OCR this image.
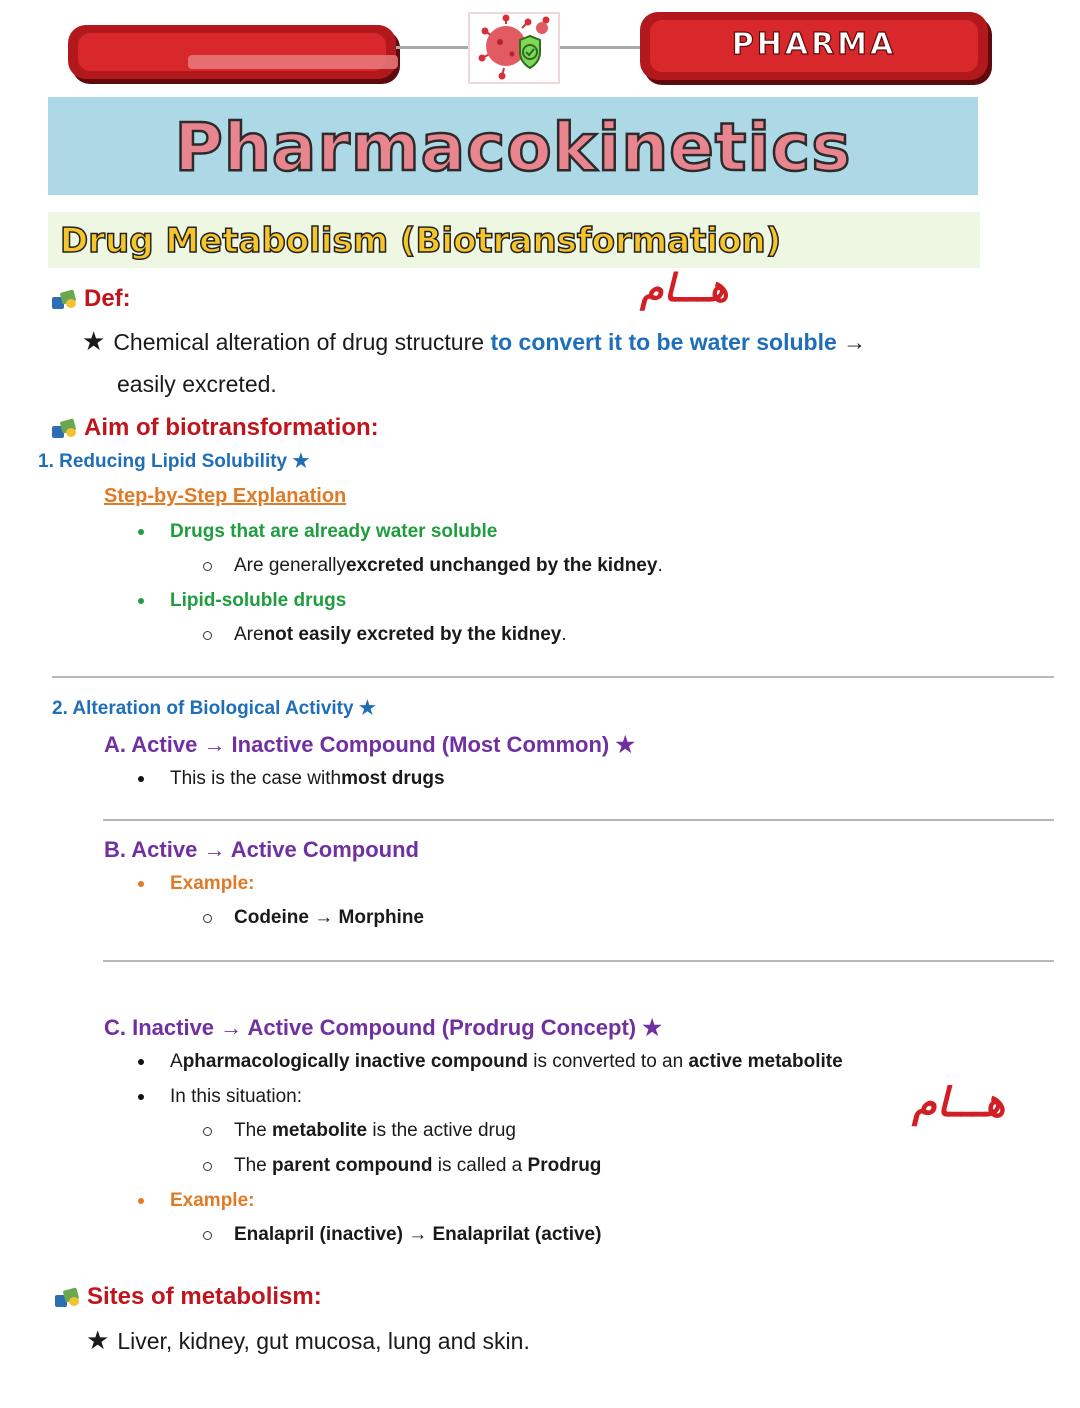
PHARMA
Pharmacokinetics
Drug Metabolism (Biotransformation)
Def:	هـــام
★ Chemical alteration of drug structure to convert it to be water soluble →
easily excreted.
Aim of biotransformation:
1. Reducing Lipid Solubility ★
Step-by-Step Explanation
Drugs that are already water soluble
Are generally excreted unchanged by the kidney .
Lipid-soluble drugs
Are not easily excreted by the kidney .
2. Alteration of Biological Activity ★
A. Active → Inactive Compound (Most Common) ★
This is the case with most drugs
B. Active → Active Compound
Example:
Codeine → Morphine
C. Inactive → Active Compound (Prodrug Concept) ★
A pharmacologically inactive compound is converted to an active metabolite
In this situation:	هـــام
The metabolite is the active drug
The parent compound is called a Prodrug
Example:
Enalapril (inactive) → Enalaprilat (active)
Sites of metabolism:
★ Liver, kidney, gut mucosa, lung and skin.
